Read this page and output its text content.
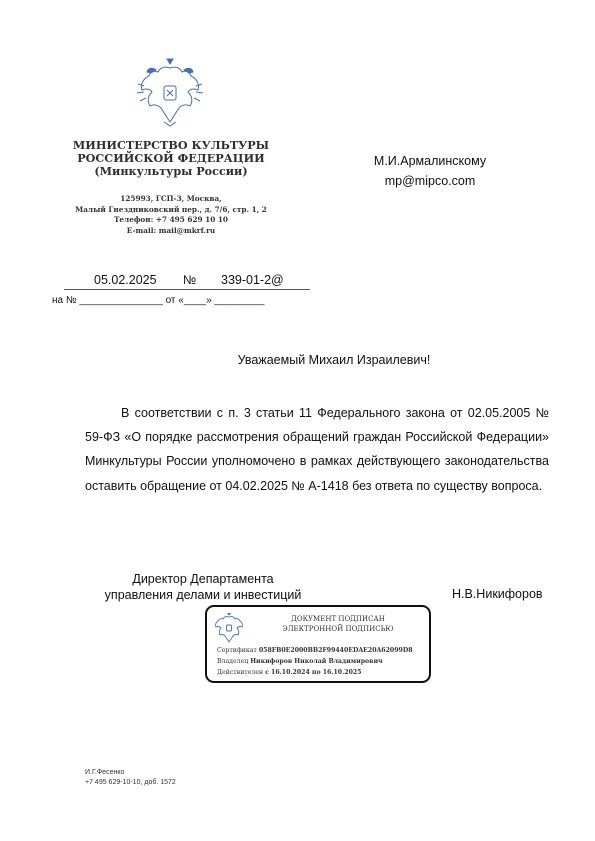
МИНИСТЕРСТВО КУЛЬТУРЫ
РОССИЙСКОЙ ФЕДЕРАЦИИ
(Минкультуры России)
125993, ГСП-3, Москва,
Малый Гнездниковский пер., д. 7/6, стр. 1, 2
Телефон: +7 495 629 10 10
E-mail: mail@mkrf.ru
М.И.Армалинскому
mp@mipco.com
05.02.2025 № 339-01-2@
на № _______________ от «____» _________
Уважаемый Михаил Израилевич!
В соответствии с п. 3 статьи 11 Федерального закона от 02.05.2005 № 59-ФЗ «О порядке рассмотрения обращений граждан Российской Федерации» Минкультуры России уполномочено в рамках действующего законодательства оставить обращение от 04.02.2025 № А-1418 без ответа по существу вопроса.
Директор Департамента
управления делами и инвестиций	Н.В.Никифоров
ДОКУМЕНТ ПОДПИСАН
ЭЛЕКТРОННОЙ ПОДПИСЬЮ
Сертификат 058FB0E2000BB2F99440EDAE20A62099D8
Владелец Никифоров Николай Владимирович
Действителен с 16.10.2024 по 16.10.2025
И.Г.Фесенко
+7 495 629-10-10, доб. 1572
